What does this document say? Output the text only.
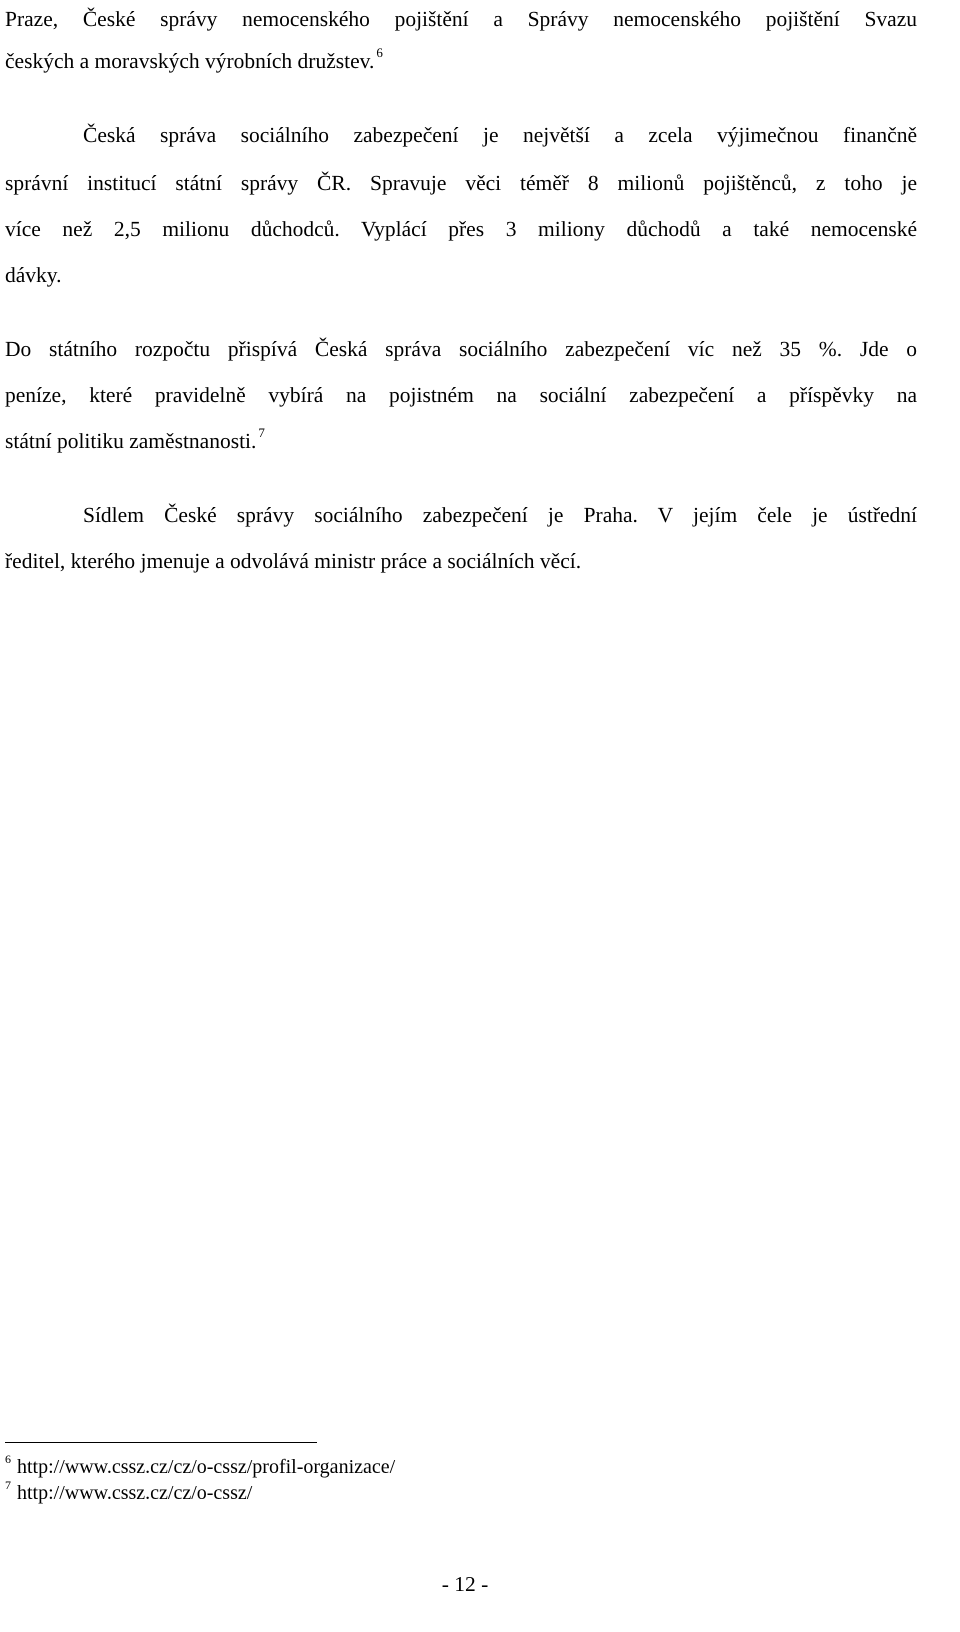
Praze, České správy nemocenského pojištění a Správy nemocenského pojištění Svazu
českých a moravských výrobních družstev. $^6$
Česká správa sociálního zabezpečení je největší a zcela výjimečnou finančně
správní institucí státní správy ČR. Spravuje věci téměř 8 milionů pojištěnců, z toho je
více než 2,5 milionu důchodců. Vyplácí přes 3 miliony důchodů a také nemocenské
dávky.
Do státního rozpočtu přispívá Česká správa sociálního zabezpečení víc než 35 %. Jde o
peníze, které pravidelně vybírá na pojistném na sociální zabezpečení a příspěvky na
státní politiku zaměstnanosti. $^7$
Sídlem České správy sociálního zabezpečení je Praha. V jejím čele je ústřední
ředitel, kterého jmenuje a odvolává ministr práce a sociálních věcí.
$^6$ http://www.cssz.cz/cz/o-cssz/profil-organizace/
$^7$ http://www.cssz.cz/cz/o-cssz/
- 12 -
